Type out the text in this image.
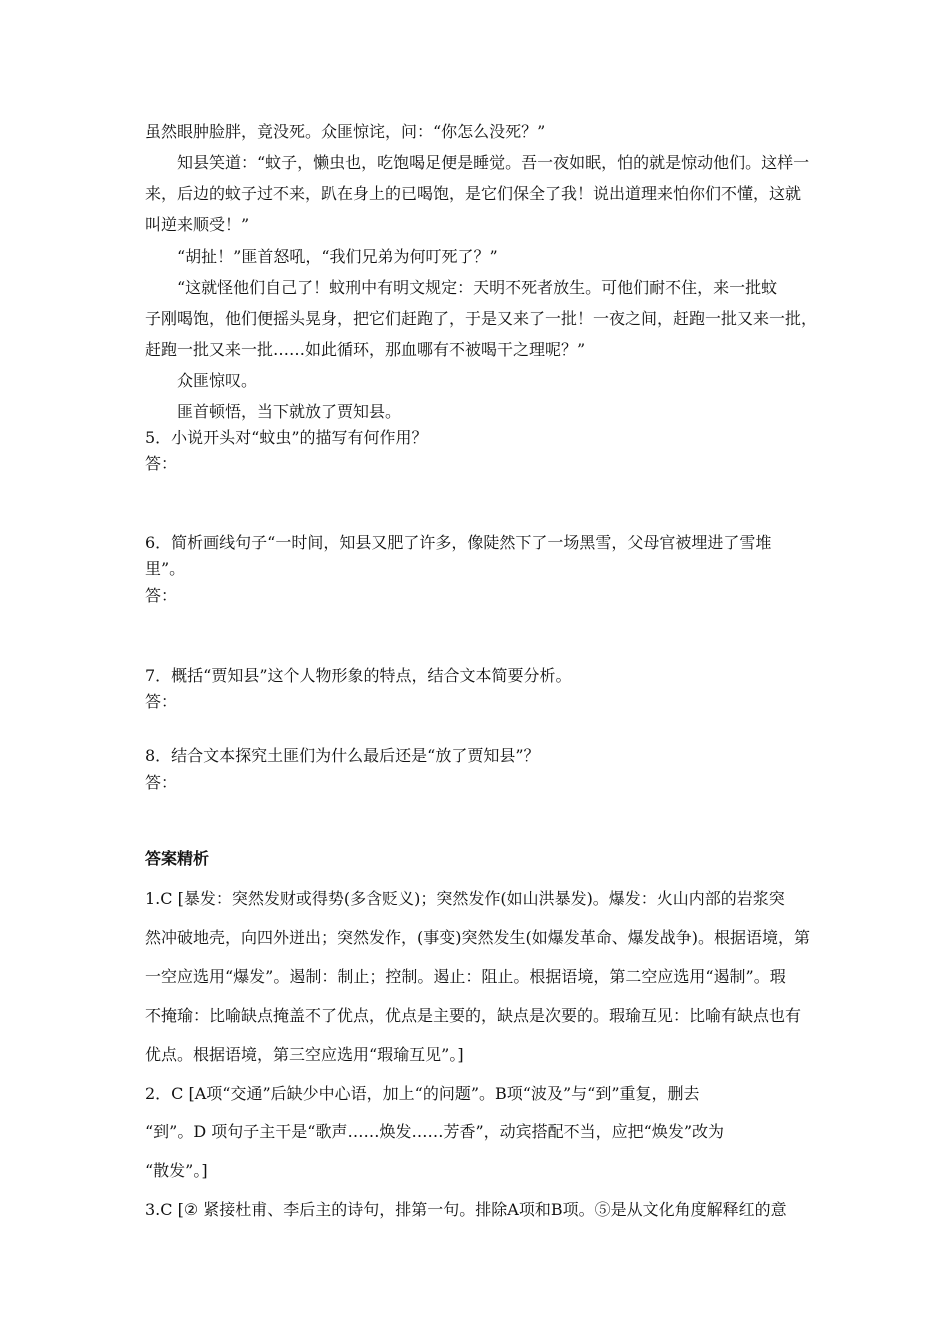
虽然眼肿脸胖，竟没死。众匪惊诧，问：“你怎么没死？”
知县笑道：“蚊子，懒虫也，吃饱喝足便是睡觉。吾一夜如眠，怕的就是惊动他们。这样一
来，后边的蚊子过不来，趴在身上的已喝饱，是它们保全了我！说出道理来怕你们不懂，这就
叫逆来顺受！”
“胡扯！”匪首怒吼，“我们兄弟为何叮死了？”
“这就怪他们自己了！蚊刑中有明文规定：天明不死者放生。可他们耐不住，来一批蚊
子刚喝饱，他们便摇头晃身，把它们赶跑了，于是又来了一批！一夜之间，赶跑一批又来一批，
赶跑一批又来一批……如此循环，那血哪有不被喝干之理呢？”
众匪惊叹。
匪首顿悟，当下就放了贾知县。
5．小说开头对“蚊虫”的描写有何作用？
答：
6．简析画线句子“一时间，知县又肥了许多，像陡然下了一场黑雪，父母官被埋进了雪堆
里”。
答：
7．概括“贾知县”这个人物形象的特点，结合文本简要分析。
答：
8．结合文本探究土匪们为什么最后还是“放了贾知县”？
答：
答案精析
1.C [暴发：突然发财或得势(多含贬义)；突然发作(如山洪暴发)。爆发：火山内部的岩浆突
然冲破地壳，向四外迸出；突然发作，(事变)突然发生(如爆发革命、爆发战争)。根据语境，第
一空应选用“爆发”。遏制：制止；控制。遏止：阻止。根据语境，第二空应选用“遏制”。瑕
不掩瑜：比喻缺点掩盖不了优点，优点是主要的，缺点是次要的。瑕瑜互见：比喻有缺点也有
优点。根据语境，第三空应选用“瑕瑜互见”。]
2．C [A项“交通”后缺少中心语，加上“的问题”。B项“波及”与“到”重复，删去
“到”。D 项句子主干是“歌声……焕发……芳香”，动宾搭配不当，应把“焕发”改为
“散发”。]
3.C [② 紧接杜甫、李后主的诗句，排第一句。排除A项和B项。⑤是从文化角度解释红的意
